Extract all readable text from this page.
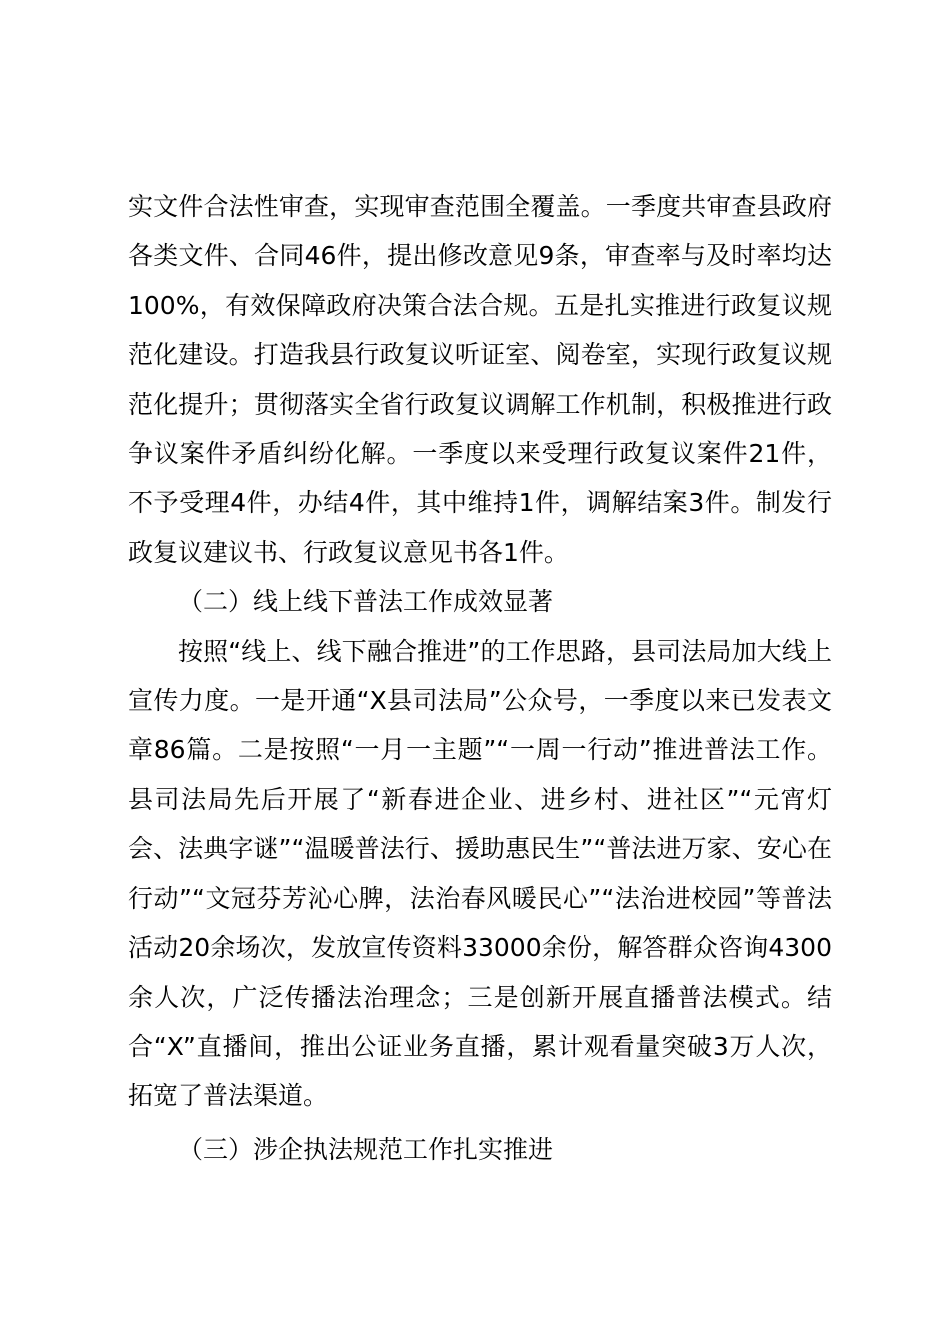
实文件合法性审查，实现审查范围全覆盖。一季度共审查县政府各类文件、合同46件，提出修改意见9条，审查率与及时率均达100%，有效保障政府决策合法合规。五是扎实推进行政复议规范化建设。打造我县行政复议听证室、阅卷室，实现行政复议规范化提升；贯彻落实全省行政复议调解工作机制，积极推进行政争议案件矛盾纠纷化解。一季度以来受理行政复议案件21件，不予受理4件，办结4件，其中维持1件，调解结案3件。制发行政复议建议书、行政复议意见书各1件。

（二）线上线下普法工作成效显著

按照“线上、线下融合推进”的工作思路，县司法局加大线上宣传力度。一是开通“X县司法局”公众号，一季度以来已发表文章86篇。二是按照“一月一主题”“一周一行动”推进普法工作。县司法局先后开展了“新春进企业、进乡村、进社区”“元宵灯会、法典字谜”“温暖普法行、援助惠民生”“普法进万家、安心在行动”“文冠芬芳沁心脾，法治春风暖民心”“法治进校园”等普法活动20余场次，发放宣传资料33000余份，解答群众咨询4300余人次，广泛传播法治理念；三是创新开展直播普法模式。结合“X”直播间，推出公证业务直播，累计观看量突破3万人次，拓宽了普法渠道。

（三）涉企执法规范工作扎实推进
